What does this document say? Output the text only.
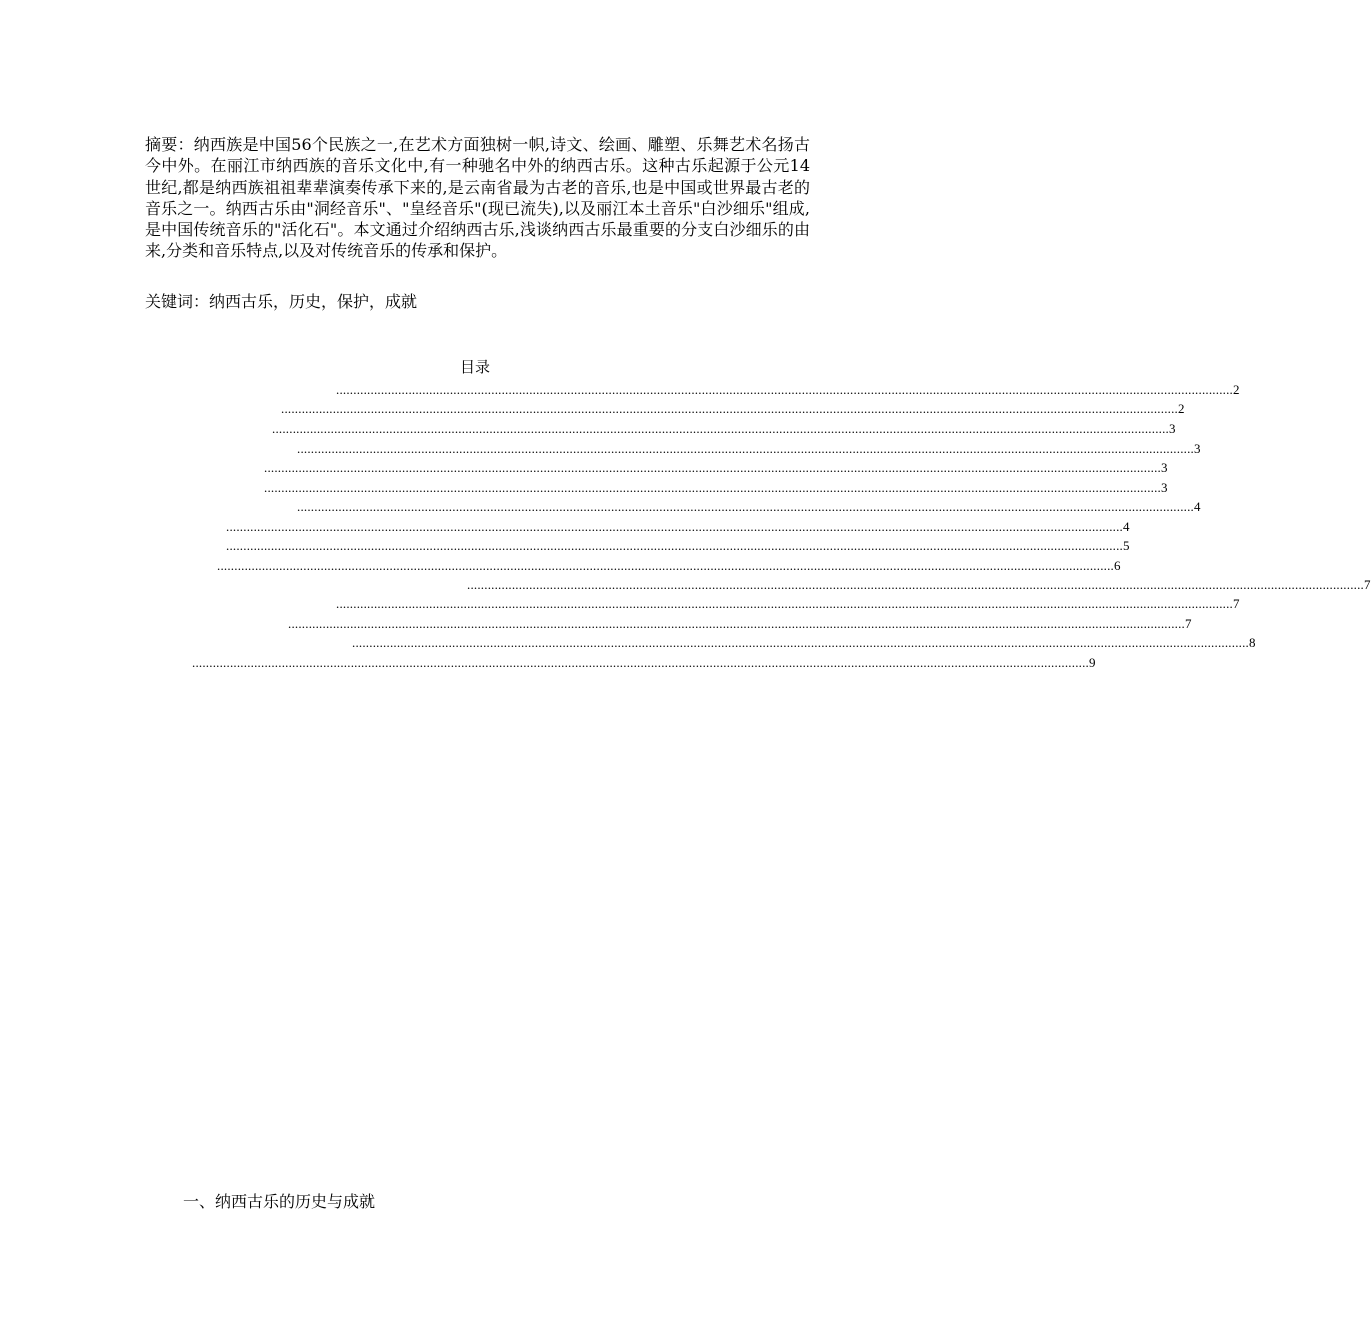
摘要：纳西族是中国56个民族之一,在艺术方面独树一帜,诗文、绘画、雕塑、乐舞艺术名扬古今中外。在丽江市纳西族的音乐文化中,有一种驰名中外的纳西古乐。这种古乐起源于公元14世纪,都是纳西族祖祖辈辈演奏传承下来的,是云南省最为古老的音乐,也是中国或世界最古老的音乐之一。纳西古乐由"洞经音乐"、"皇经音乐"(现已流失),以及丽江本土音乐"白沙细乐"组成,是中国传统音乐的"活化石"。本文通过介绍纳西古乐,浅谈纳西古乐最重要的分支白沙细乐的由来,分类和音乐特点,以及对传统音乐的传承和保护。

关键词：纳西古乐，历史，保护，成就

目录
.................................................................................................................................................................................................................................................................... 2
.................................................................................................................................................................................................................................................................... 2
.................................................................................................................................................................................................................................................................... 3
.................................................................................................................................................................................................................................................................... 3
.................................................................................................................................................................................................................................................................... 3
.................................................................................................................................................................................................................................................................... 3
.................................................................................................................................................................................................................................................................... 4
.................................................................................................................................................................................................................................................................... 4
.................................................................................................................................................................................................................................................................... 5
.................................................................................................................................................................................................................................................................... 6
.................................................................................................................................................................................................................................................................... 7
.................................................................................................................................................................................................................................................................... 7
.................................................................................................................................................................................................................................................................... 7
.................................................................................................................................................................................................................................................................... 8
.................................................................................................................................................................................................................................................................... 9
一、纳西古乐的历史与成就
